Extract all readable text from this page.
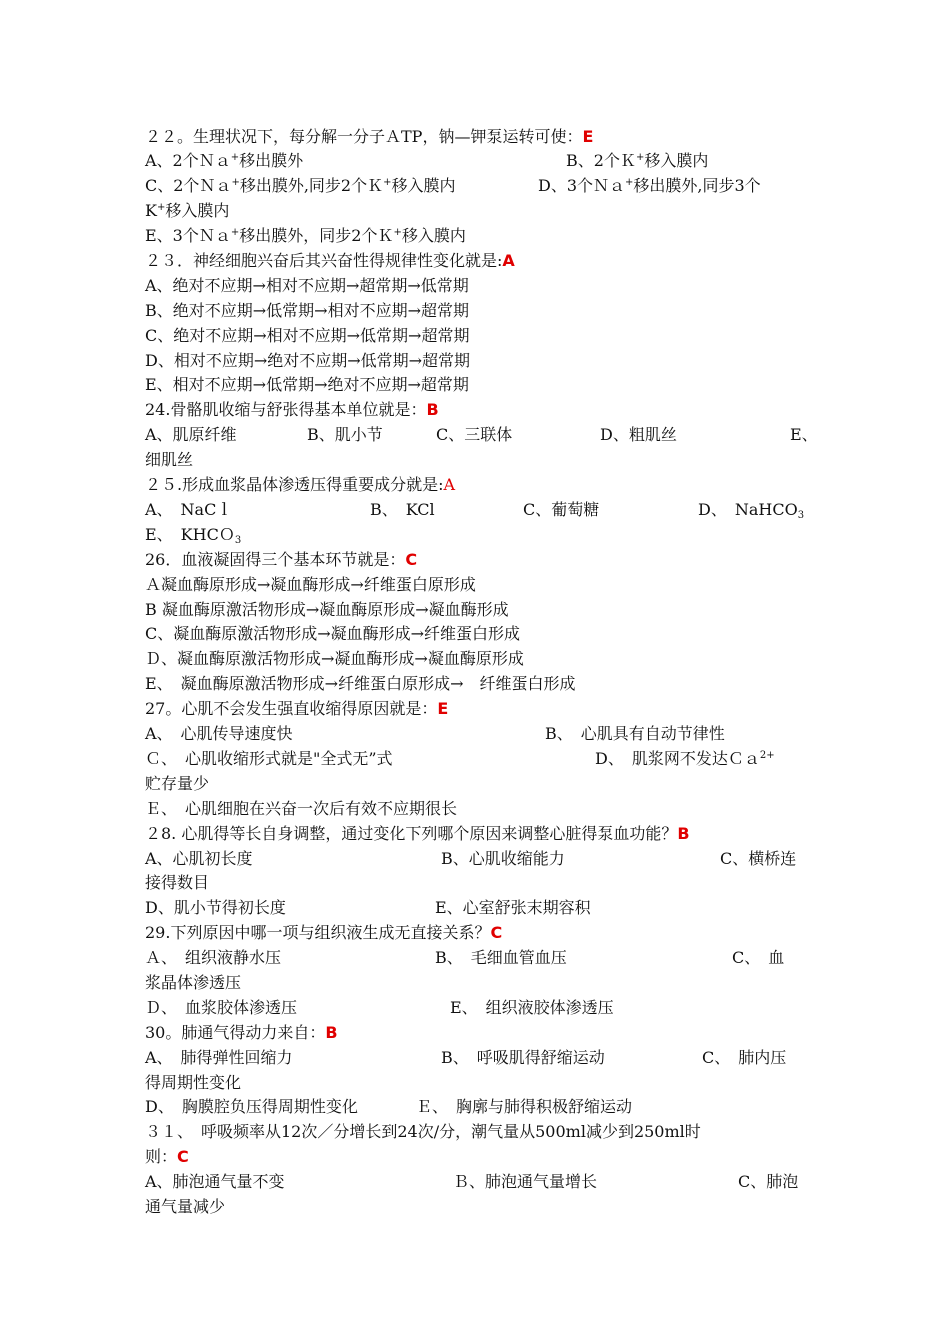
２２。生理状况下，每分解一分子ＡTP，钠—钾泵运转可使：E

A、2个Ｎａ+移出膜外

	B、2个Ｋ+移入膜内

C、2个Ｎａ+移出膜外,同步2个Ｋ+移入膜内

	D、3个Ｎａ+移出膜外,同步3个

K+移入膜内
E、3个Ｎａ+移出膜外，同步2个Ｋ+移入膜内
２３．神经细胞兴奋后其兴奋性得规律性变化就是:A
A、绝对不应期→相对不应期→超常期→低常期
B、绝对不应期→低常期→相对不应期→超常期
C、绝对不应期→相对不应期→低常期→超常期
D、相对不应期→绝对不应期→低常期→超常期
E、相对不应期→低常期→绝对不应期→超常期
24.骨骼肌收缩与舒张得基本单位就是：B

A、肌原纤维

	B、肌小节

	C、三联体

	D、粗肌丝

	E、

细肌丝
２５.形成血浆晶体渗透压得重要成分就是:A

A、　NaCｌ

	B、　KCl

	C、葡萄糖

	D、　NaHCO$_3$

E、　KHCＯ$_3$
26．血液凝固得三个基本环节就是：C
Ａ凝血酶原形成→凝血酶形成→纤维蛋白原形成
B 凝血酶原激活物形成→凝血酶原形成→凝血酶形成
C、凝血酶原激活物形成→凝血酶形成→纤维蛋白形成
Ｄ、凝血酶原激活物形成→凝血酶形成→凝血酶原形成
E、　凝血酶原激活物形成→纤维蛋白原形成→　纤维蛋白形成
27。心肌不会发生强直收缩得原因就是：E

A、　心肌传导速度快

	B、　心肌具有自动节律性

Ｃ、　心肌收缩形式就是"全式无”式

	D、　肌浆网不发达Ｃａ$^{2+}$

贮存量少
Ｅ、　心肌细胞在兴奋一次后有效不应期很长
２8. 心肌得等长自身调整，通过变化下列哪个原因来调整心脏得泵血功能？B

A、心肌初长度

	B、心肌收缩能力

	C、横桥连

接得数目

D、肌小节得初长度

	E、心室舒张末期容积

29.下列原因中哪一项与组织液生成无直接关系？C

Ａ、　组织液静水压

	B、　毛细血管血压

	C、　血

浆晶体渗透压

Ｄ、　血浆胶体渗透压

	E、　组织液胶体渗透压

30。肺通气得动力来自：B

A、　肺得弹性回缩力

	B、　呼吸肌得舒缩运动

	C、　肺内压

得周期性变化

D、　胸膜腔负压得周期性变化

	Ｅ、　胸廓与肺得积极舒缩运动

３１、　呼吸频率从12次／分增长到24次/分，潮气量从500ml减少到250ml时
则：C

A、肺泡通气量不变

	Ｂ、肺泡通气量增长

	C、肺泡

通气量减少
